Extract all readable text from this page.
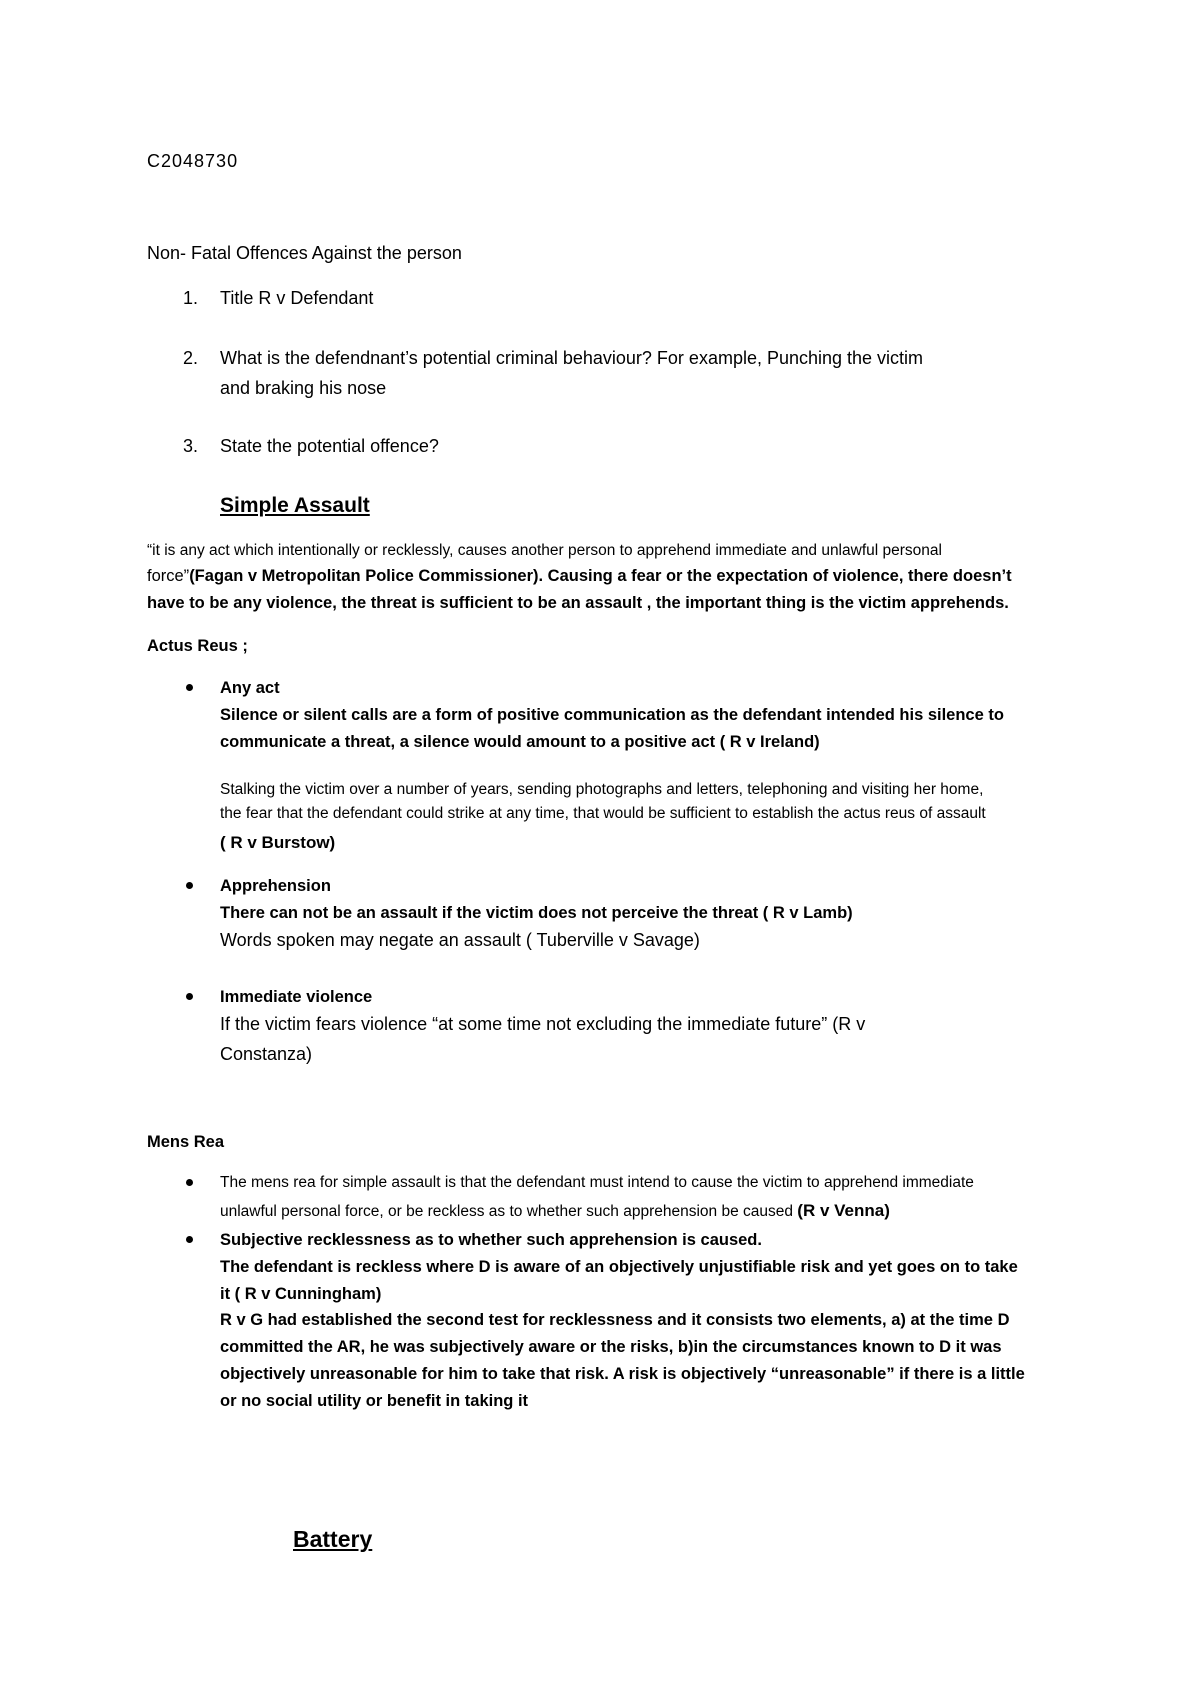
C2048730
Non- Fatal Offences Against the person
1. Title R v Defendant
2. What is the defendnant’s potential criminal behaviour? For example, Punching the victim
and braking his nose
3. State the potential offence?
Simple Assault
“it is any act which intentionally or recklessly, causes another person to apprehend immediate and unlawful personal
force”(Fagan v Metropolitan Police Commissioner). Causing a fear or the expectation of violence, there doesn’t
have to be any violence, the threat is sufficient to be an assault , the important thing is the victim apprehends.
Actus Reus ;
Any act
Silence or silent calls are a form of positive communication as the defendant intended his silence to
communicate a threat, a silence would amount to a positive act ( R v Ireland)
Stalking the victim over a number of years, sending photographs and letters, telephoning and visiting her home,
the fear that the defendant could strike at any time, that would be sufficient to establish the actus reus of assault
( R v Burstow)
Apprehension
There can not be an assault if the victim does not perceive the threat ( R v Lamb)
Words spoken may negate an assault ( Tuberville v Savage)
Immediate violence
If the victim fears violence “at some time not excluding the immediate future” (R v
Constanza)
Mens Rea
The mens rea for simple assault is that the defendant must intend to cause the victim to apprehend immediate
unlawful personal force, or be reckless as to whether such apprehension be caused (R v Venna)
Subjective recklessness as to whether such apprehension is caused.
The defendant is reckless where D is aware of an objectively unjustifiable risk and yet goes on to take
it ( R v Cunningham)
R v G had established the second test for recklessness and it consists two elements, a) at the time D
committed the AR, he was subjectively aware or the risks, b)in the circumstances known to D it was
objectively unreasonable for him to take that risk. A risk is objectively “unreasonable” if there is a little
or no social utility or benefit in taking it
Battery
